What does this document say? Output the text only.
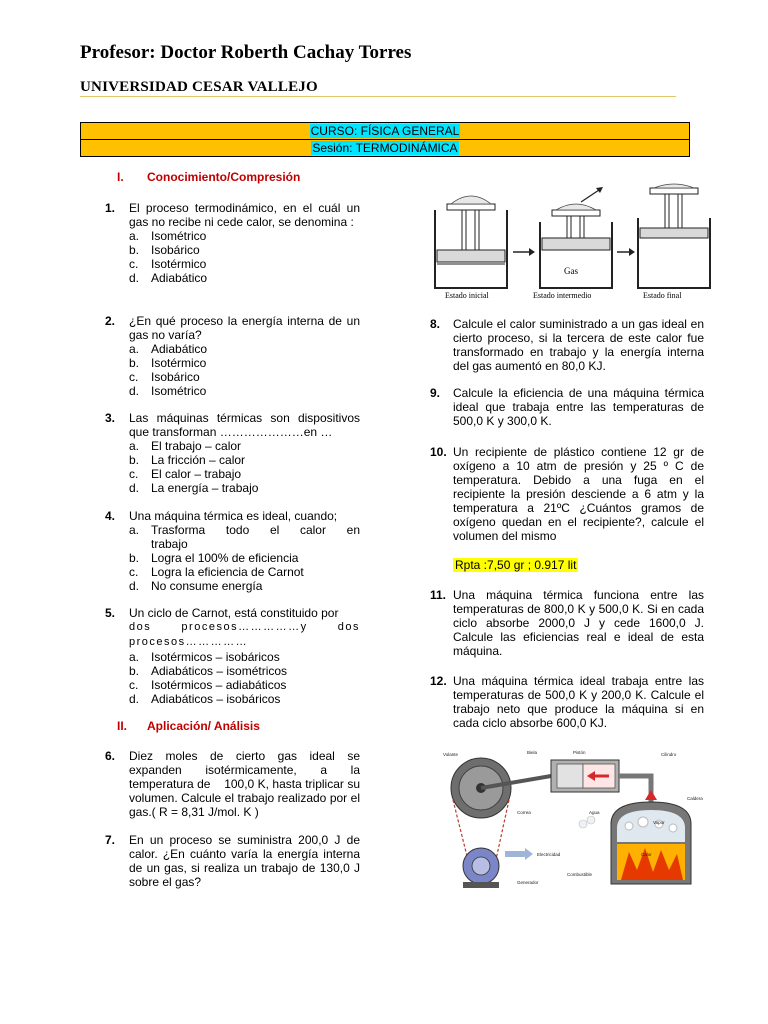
Profesor: Doctor Roberth Cachay Torres
UNIVERSIDAD CESAR VALLEJO
CURSO: FÍSICA GENERAL
Sesión: TERMODINÁMICA
I. Conocimiento/Compresión
1. El proceso termodinámico, en el cuál un gas no recibe ni cede calor, se denomina :
a. Isométrico
b. Isobárico
c. Isotérmico
d. Adiabático
2. ¿En qué proceso la energía interna de un gas no varía?
a. Adiabático
b. Isotérmico
c. Isobárico
d. Isométrico
3. Las máquinas térmicas son dispositivos que transforman …………………en …
a. El trabajo – calor
b. La fricción – calor
c. El calor – trabajo
d. La energía – trabajo
4. Una máquina térmica es ideal, cuando;
a. Trasforma todo el calor en trabajo
b. Logra el 100% de eficiencia
c. Logra la eficiencia de Carnot
d. No consume energía
5. Un ciclo de Carnot, está constituido por
dos procesos……………y dos procesos……………
a. Isotérmicos – isobáricos
b. Adiabáticos – isométricos
c. Isotérmicos – adiabáticos
d. Adiabáticos – isobáricos
II. Aplicación/ Análisis
6. Diez moles de cierto gas ideal se expanden isotérmicamente, a la temperatura de    100,0 K, hasta triplicar su volumen. Calcule el trabajo realizado por el gas.( R = 8,31 J/mol. K )
7. En un proceso se suministra 200,0 J de calor. ¿En cuánto varía la energía interna de un gas, si realiza un trabajo de 130,0 J sobre el gas?
Gas
Estado inicial	Estado intermedio	Estado final
8. Calcule el calor suministrado a un gas ideal en cierto proceso, si la tercera de este calor fue transformado en trabajo y la energía interna del gas aumentó en 80,0 KJ.
9. Calcule la eficiencia de una máquina térmica ideal que trabaja entre las temperaturas de 500,0 K y 300,0 K.
10. Un recipiente de plástico contiene 12 gr de oxígeno a 10 atm de presión y 25 º C de temperatura. Debido a una fuga en el recipiente la presión desciende a 6 atm y la temperatura a 21ºC ¿Cuántos gramos de oxígeno quedan en el recipiente?, calcule el volumen del mismo
Rpta :7,50 gr ; 0.917 lit
11. Una máquina térmica funciona entre las temperaturas de 800,0 K y 500,0 K. Si en cada ciclo absorbe 2000,0 J y cede 1600,0 J. Calcule las eficiencias real e ideal de esta máquina.
12. Una máquina térmica ideal trabaja entre las temperaturas de 500,0 K y 200,0 K. Calcule el trabajo neto que produce la máquina si en cada ciclo absorbe 600,0 KJ.
Volante	Biela	Pistón	Cilindro
Correa	Agua
Vapor
Caldera
Electricidad	Calor
Generador
Combustible
